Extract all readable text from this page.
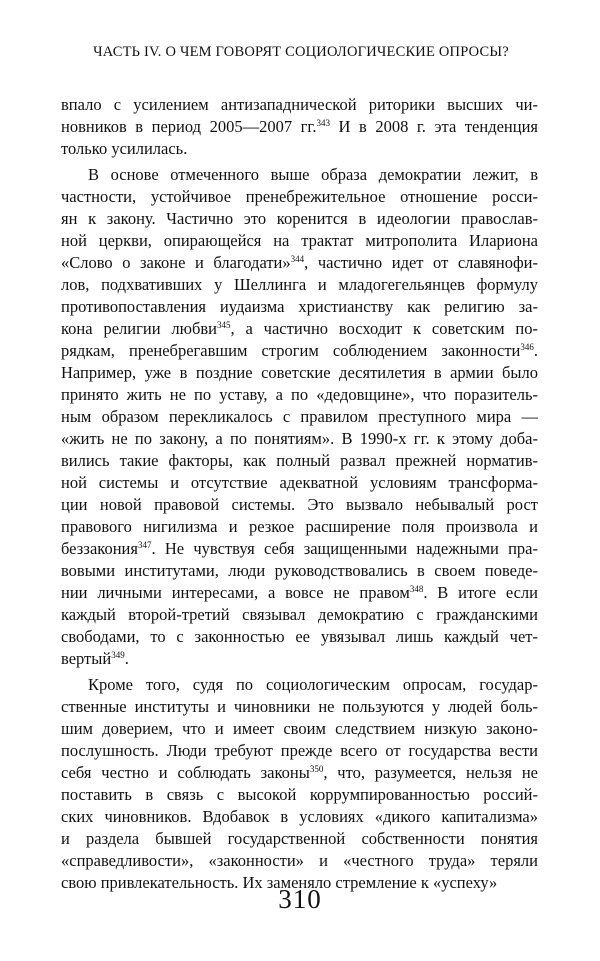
ЧАСТЬ IV. О ЧЕМ ГОВОРЯТ СОЦИОЛОГИЧЕСКИЕ ОПРОСЫ?
впало с усилением антизападнической риторики высших чи-
новников в период 2005—2007 гг.$^{343}$ И в 2008 г. эта тенденция
только усилилась.
В основе отмеченного выше образа демократии лежит, в
частности, устойчивое пренебрежительное отношение росси-
ян к закону. Частично это коренится в идеологии православ-
ной церкви, опирающейся на трактат митрополита Илариона
«Слово о законе и благодати»$^{344}$, частично идет от славянофи-
лов, подхвативших у Шеллинга и младогегельянцев формулу
противопоставления иудаизма христианству как религию за-
кона религии любви$^{345}$, а частично восходит к советским по-
рядкам, пренебрегавшим строгим соблюдением законности$^{346}$.
Например, уже в поздние советские десятилетия в армии было
принято жить не по уставу, а по «дедовщине», что поразитель-
ным образом перекликалось с правилом преступного мира —
«жить не по закону, а по понятиям». В 1990-х гг. к этому доба-
вились такие факторы, как полный развал прежней норматив-
ной системы и отсутствие адекватной условиям трансформа-
ции новой правовой системы. Это вызвало небывалый рост
правового нигилизма и резкое расширение поля произвола и
беззакония$^{347}$. Не чувствуя себя защищенными надежными пра-
вовыми институтами, люди руководствовались в своем поведе-
нии личными интересами, а вовсе не правом$^{348}$. В итоге если
каждый второй-третий связывал демократию с гражданскими
свободами, то с законностью ее увязывал лишь каждый чет-
вертый$^{349}$.
Кроме того, судя по социологическим опросам, государ-
ственные институты и чиновники не пользуются у людей боль-
шим доверием, что и имеет своим следствием низкую законо-
послушность. Люди требуют прежде всего от государства вести
себя честно и соблюдать законы$^{350}$, что, разумеется, нельзя не
поставить в связь с высокой коррумпированностью россий-
ских чиновников. Вдобавок в условиях «дикого капитализма»
и раздела бывшей государственной собственности понятия
«справедливости», «законности» и «честного труда» теряли
свою привлекательность. Их заменяло стремление к «успеху»
310
